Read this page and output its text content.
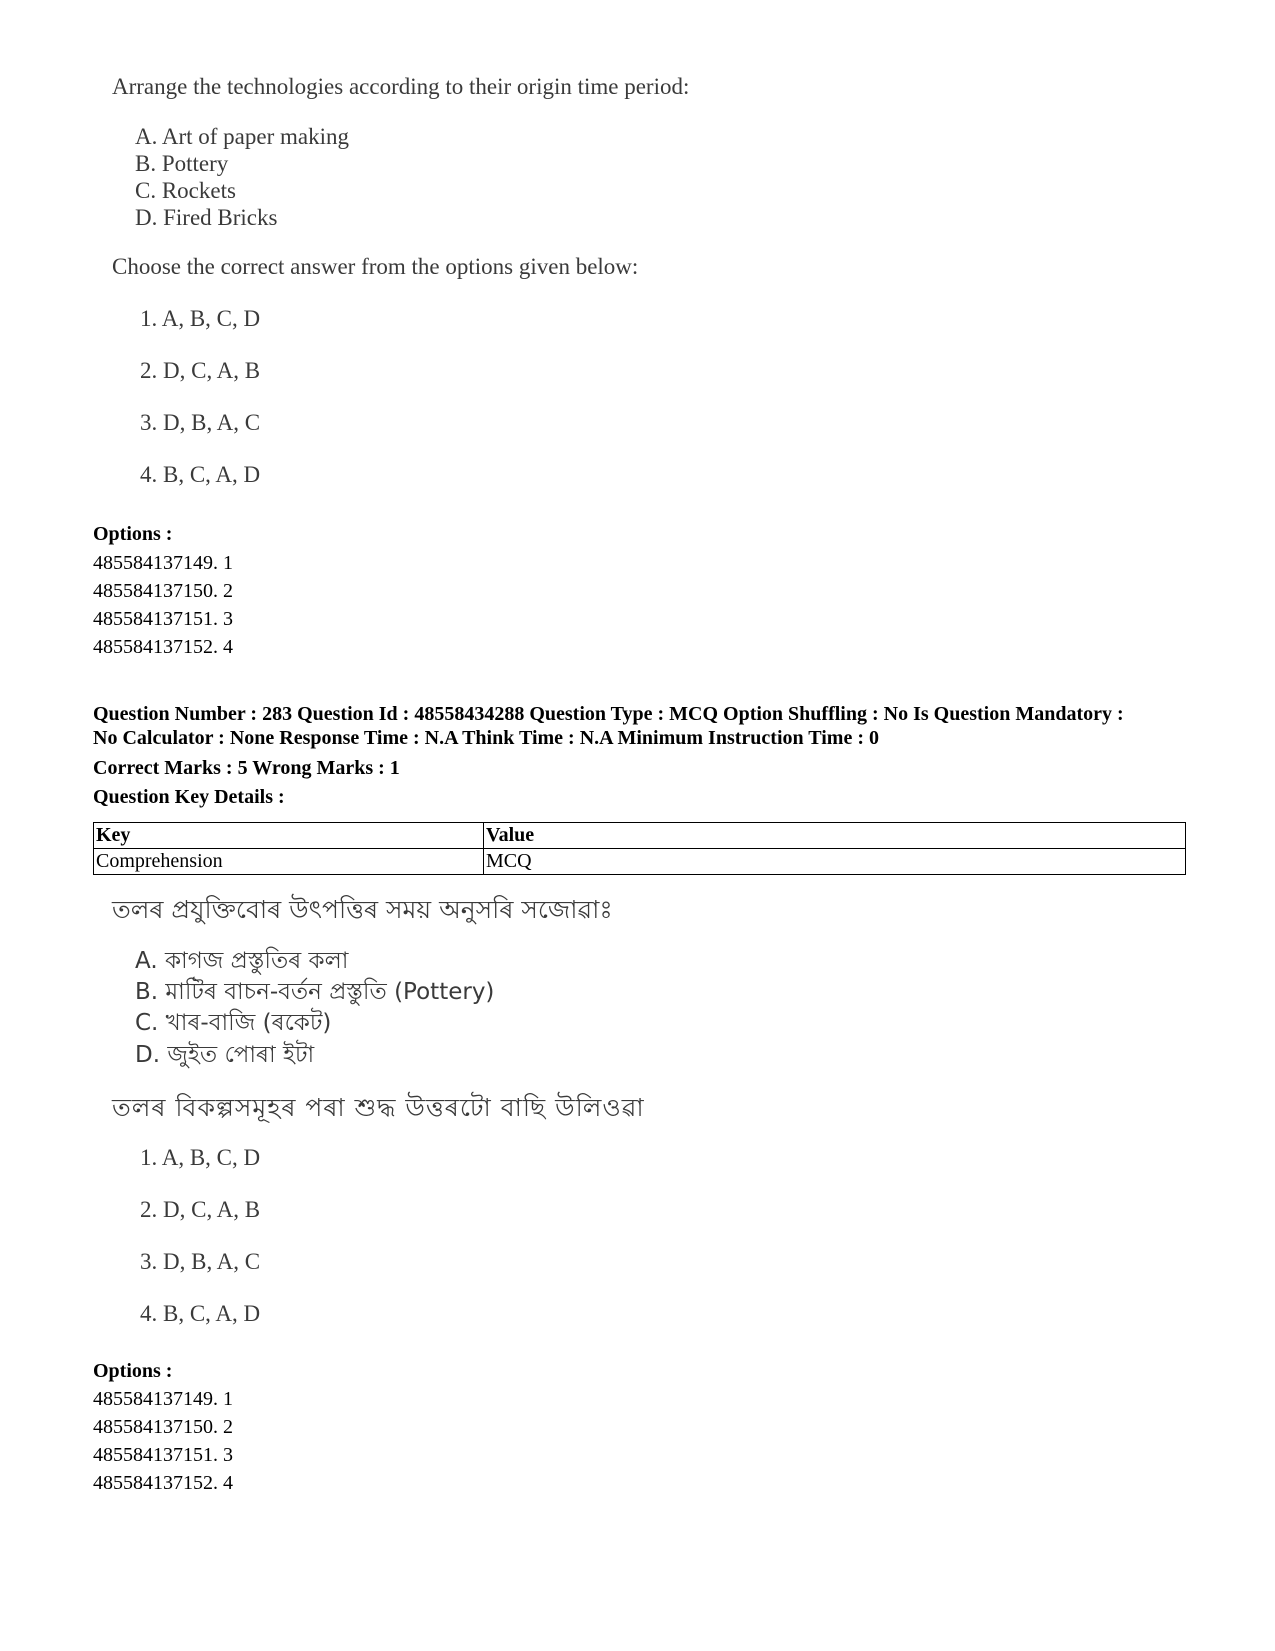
Arrange the technologies according to their origin time period:

A. Art of paper making

B. Pottery

C. Rockets

D. Fired Bricks

Choose the correct answer from the options given below:

1. A, B, C, D

2. D, C, A, B

3. D, B, A, C

4. B, C, A, D

Options :

485584137149. 1

485584137150. 2

485584137151. 3

485584137152. 4

Question Number : 283 Question Id : 48558434288 Question Type : MCQ Option Shuffling : No Is Question Mandatory :

No Calculator : None Response Time : N.A Think Time : N.A Minimum Instruction Time : 0

Correct Marks : 5 Wrong Marks : 1

Question Key Details :

Key	Value
Comprehension	MCQ

তলৰ প্ৰযুক্তিবোৰ উৎপত্তিৰ সময় অনুসৰি সজোৱাঃ

A. কাগজ প্ৰস্তুতিৰ কলা

B. মাটিৰ বাচন-বৰ্তন প্ৰস্তুতি (Pottery)

C. খাৰ-বাজি (ৰকেট)

D. জুইত পোৰা ইটা

তলৰ বিকল্পসমূহৰ পৰা শুদ্ধ উত্তৰটো বাছি উলিওৱা

1. A, B, C, D

2. D, C, A, B

3. D, B, A, C

4. B, C, A, D

Options :

485584137149. 1

485584137150. 2

485584137151. 3

485584137152. 4
